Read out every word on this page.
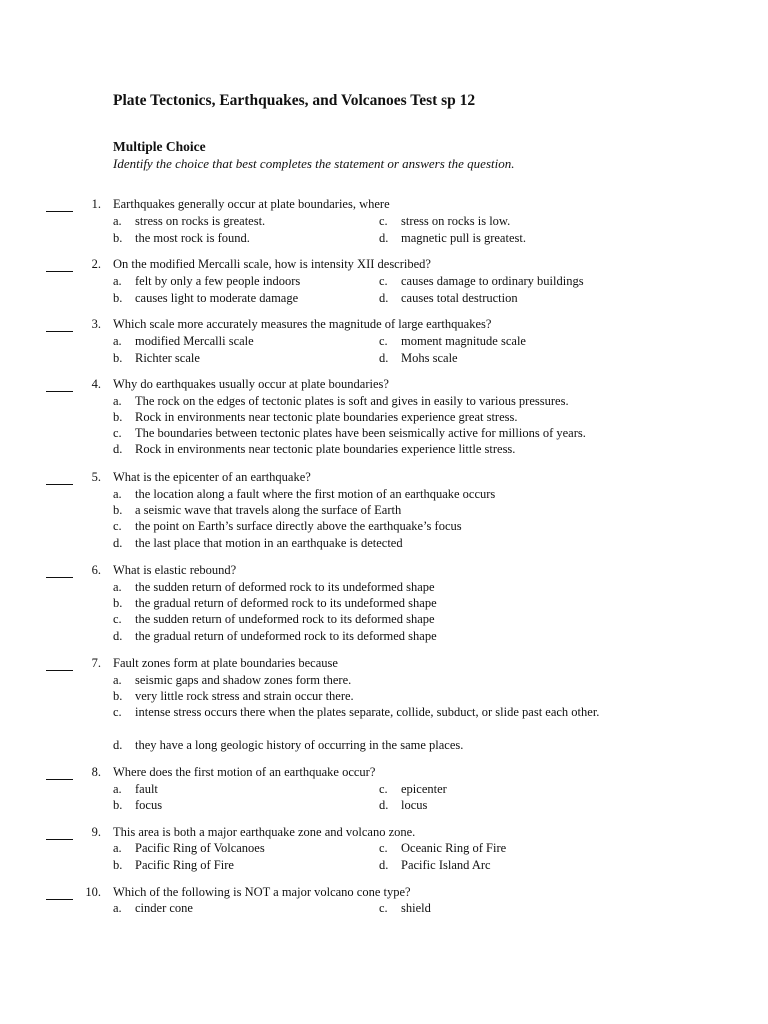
Plate Tectonics, Earthquakes, and Volcanoes Test sp 12
Multiple Choice
Identify the choice that best completes the statement or answers the question.
1. Earthquakes generally occur at plate boundaries, where
a. stress on rocks is greatest.
b. the most rock is found.
c. stress on rocks is low.
d. magnetic pull is greatest.
2. On the modified Mercalli scale, how is intensity XII described?
a. felt by only a few people indoors
b. causes light to moderate damage
c. causes damage to ordinary buildings
d. causes total destruction
3. Which scale more accurately measures the magnitude of large earthquakes?
a. modified Mercalli scale
b. Richter scale
c. moment magnitude scale
d. Mohs scale
4. Why do earthquakes usually occur at plate boundaries?
a. The rock on the edges of tectonic plates is soft and gives in easily to various pressures.
b. Rock in environments near tectonic plate boundaries experience great stress.
c. The boundaries between tectonic plates have been seismically active for millions of years.
d. Rock in environments near tectonic plate boundaries experience little stress.
5. What is the epicenter of an earthquake?
a. the location along a fault where the first motion of an earthquake occurs
b. a seismic wave that travels along the surface of Earth
c. the point on Earth’s surface directly above the earthquake’s focus
d. the last place that motion in an earthquake is detected
6. What is elastic rebound?
a. the sudden return of deformed rock to its undeformed shape
b. the gradual return of deformed rock to its undeformed shape
c. the sudden return of undeformed rock to its deformed shape
d. the gradual return of undeformed rock to its deformed shape
7. Fault zones form at plate boundaries because
a. seismic gaps and shadow zones form there.
b. very little rock stress and strain occur there.
c. intense stress occurs there when the plates separate, collide, subduct, or slide past each other.
d. they have a long geologic history of occurring in the same places.
8. Where does the first motion of an earthquake occur?
a. fault
b. focus
c. epicenter
d. locus
9. This area is both a major earthquake zone and volcano zone.
a. Pacific Ring of Volcanoes
b. Pacific Ring of Fire
c. Oceanic Ring of Fire
d. Pacific Island Arc
10. Which of the following is NOT a major volcano cone type?
a. cinder cone	c. shield
